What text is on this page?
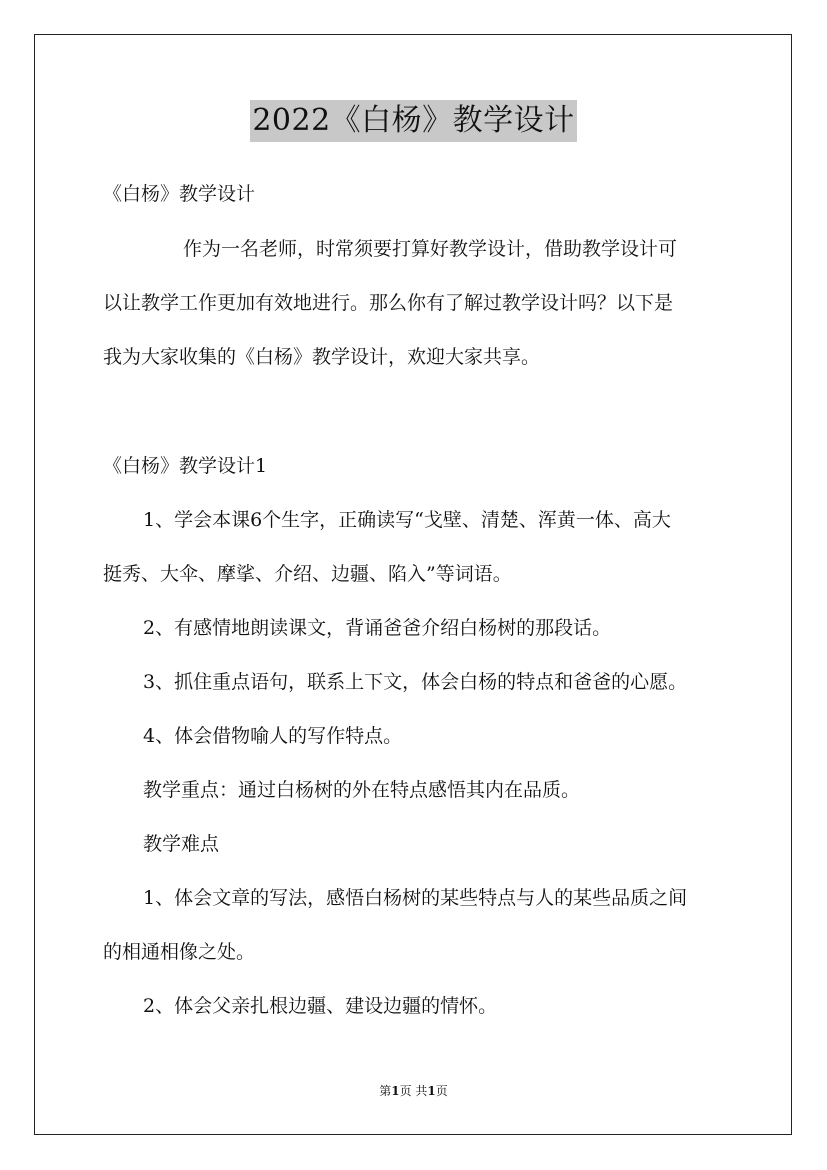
2022《白杨》教学设计

《白杨》教学设计

作为一名老师，时常须要打算好教学设计，借助教学设计可

以让教学工作更加有效地进行。那么你有了解过教学设计吗？以下是

我为大家收集的《白杨》教学设计，欢迎大家共享。

《白杨》教学设计1

1、学会本课6个生字，正确读写“戈壁、清楚、浑黄一体、高大

挺秀、大伞、摩挲、介绍、边疆、陷入”等词语。

2、有感情地朗读课文，背诵爸爸介绍白杨树的那段话。

3、抓住重点语句，联系上下文，体会白杨的特点和爸爸的心愿。

4、体会借物喻人的写作特点。

教学重点：通过白杨树的外在特点感悟其内在品质。

教学难点

1、体会文章的写法，感悟白杨树的某些特点与人的某些品质之间

的相通相像之处。

2、体会父亲扎根边疆、建设边疆的情怀。

第1页 共1页
